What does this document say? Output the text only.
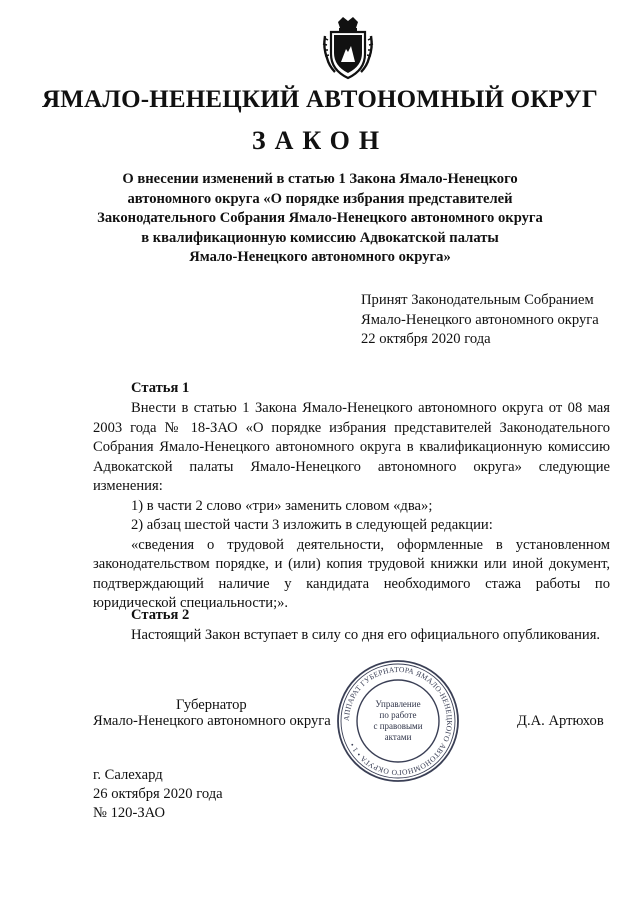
ЯМАЛО-НЕНЕЦКИЙ АВТОНОМНЫЙ ОКРУГ
ЗАКОН
О внесении изменений в статью 1 Закона Ямало-Ненецкого
автономного округа «О порядке избрания представителей
Законодательного Собрания Ямало-Ненецкого автономного округа
в квалификационную комиссию Адвокатской палаты
Ямало-Ненецкого автономного округа»
Принят Законодательным Собранием
Ямало-Ненецкого автономного округа
22 октября 2020 года
Статья 1

Внести в статью 1 Закона Ямало-Ненецкого автономного округа от 08 мая 2003 года № 18-ЗАО «О порядке избрания представителей Законодательного Собрания Ямало-Ненецкого автономного округа в квалификационную комиссию Адвокатской палаты Ямало-Ненецкого автономного округа» следующие изменения:

1) в части 2 слово «три» заменить словом «два»;

2) абзац шестой части 3 изложить в следующей редакции:

«сведения о трудовой деятельности, оформленные в установленном законодательством порядке, и (или) копия трудовой книжки или иной документ, подтверждающий наличие у кандидата необходимого стажа работы по юридической специальности;».

Статья 2

Настоящий Закон вступает в силу со дня его официального опубликования.

Губернатор
Ямало-Ненецкого автономного округа АППАРАТ ГУБЕРНАТОРА ЯМАЛО-НЕНЕЦКОГО АВТОНОМНОГО ОКРУГА • 1 •
Управление
по работе
с правовыми
актами
Д.А. Артюхов
г. Салехард
26 октября 2020 года
№ 120-ЗАО
